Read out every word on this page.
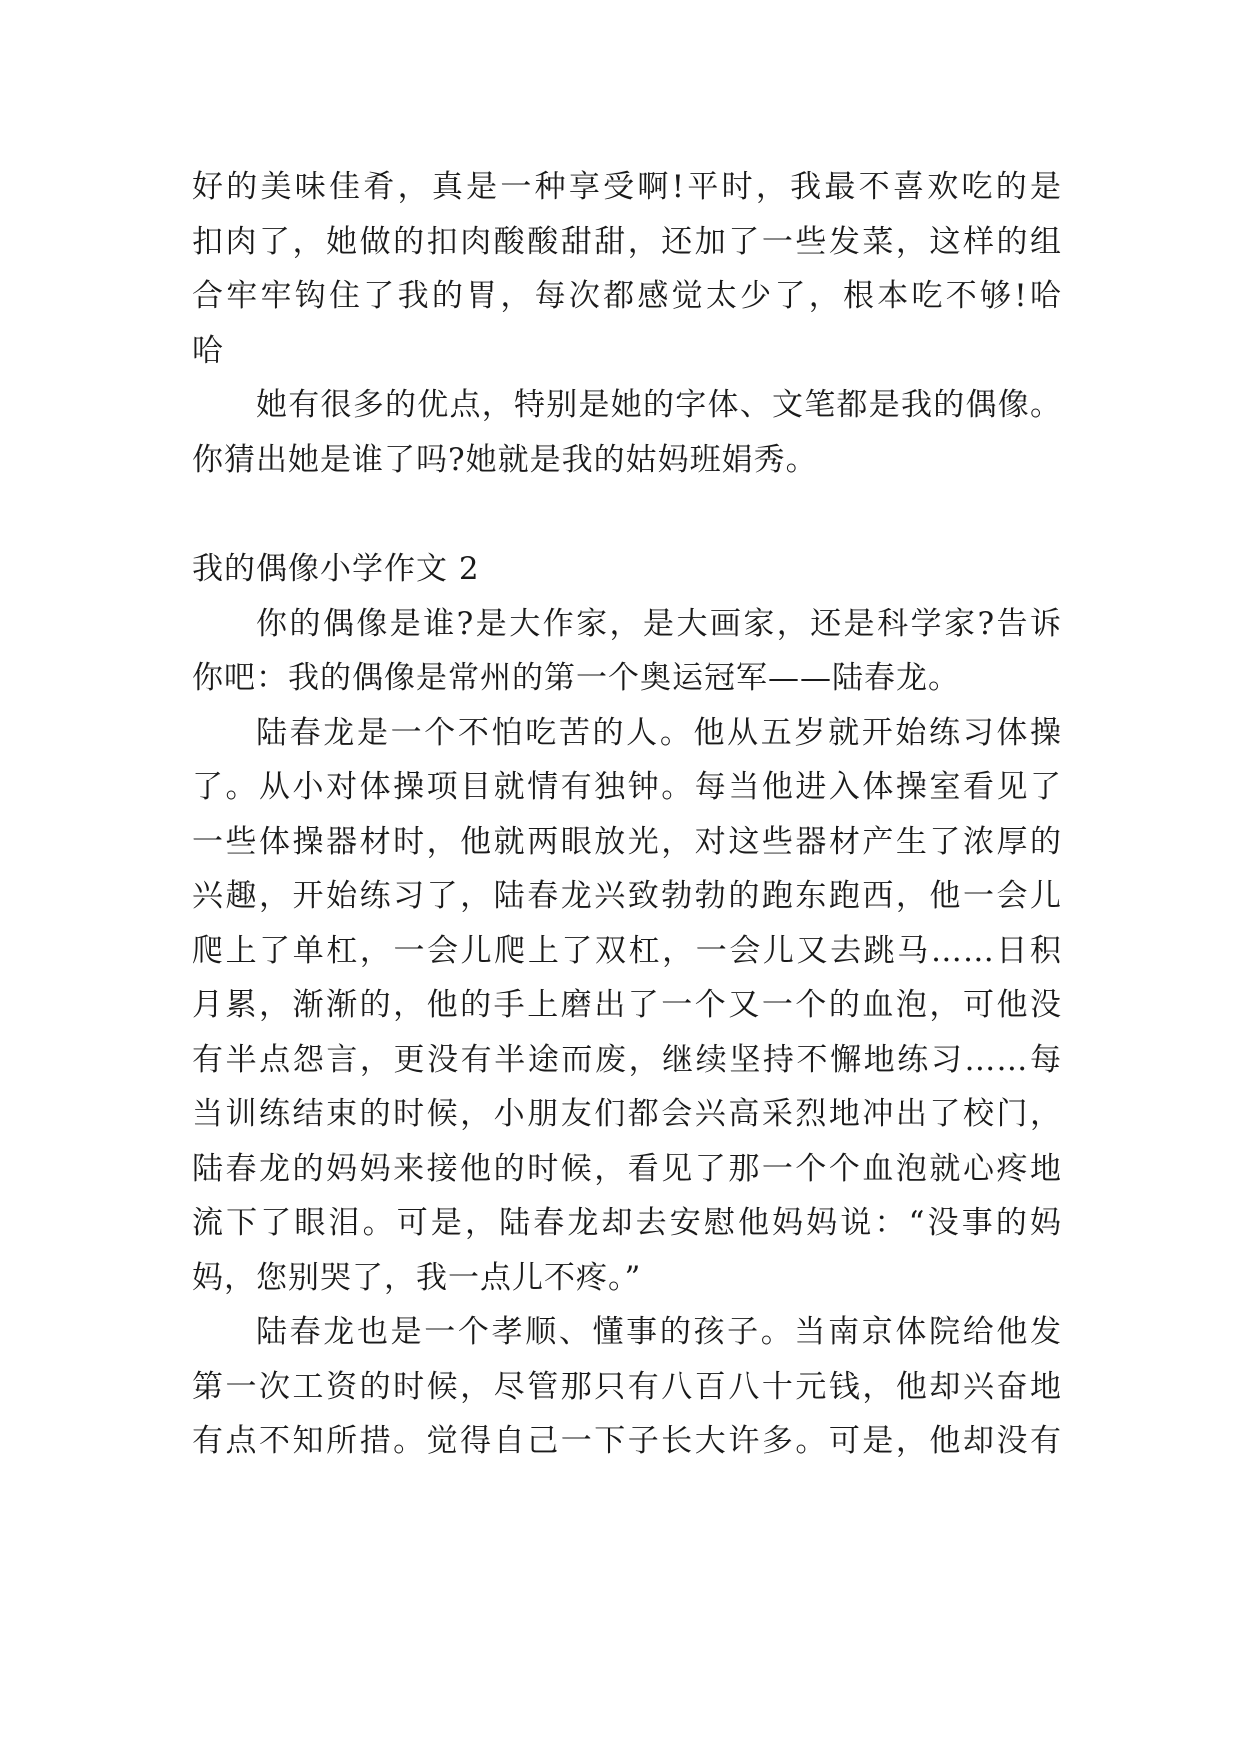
好的美味佳肴，真是一种享受啊!平时，我最不喜欢吃的是
扣肉了，她做的扣肉酸酸甜甜，还加了一些发菜，这样的组
合牢牢钩住了我的胃，每次都感觉太少了，根本吃不够!哈
哈
她有很多的优点，特别是她的字体、文笔都是我的偶像。
你猜出她是谁了吗?她就是我的姑妈班娟秀。
我的偶像小学作文 2
你的偶像是谁?是大作家，是大画家，还是科学家?告诉
你吧：我的偶像是常州的第一个奥运冠军——陆春龙。
陆春龙是一个不怕吃苦的人。他从五岁就开始练习体操
了。从小对体操项目就情有独钟。每当他进入体操室看见了
一些体操器材时，他就两眼放光，对这些器材产生了浓厚的
兴趣，开始练习了，陆春龙兴致勃勃的跑东跑西，他一会儿
爬上了单杠，一会儿爬上了双杠，一会儿又去跳马……日积
月累，渐渐的，他的手上磨出了一个又一个的血泡，可他没
有半点怨言，更没有半途而废，继续坚持不懈地练习……每
当训练结束的时候，小朋友们都会兴高采烈地冲出了校门，
陆春龙的妈妈来接他的时候，看见了那一个个血泡就心疼地
流下了眼泪。可是，陆春龙却去安慰他妈妈说：“没事的妈
妈，您别哭了，我一点儿不疼。”
陆春龙也是一个孝顺、懂事的孩子。当南京体院给他发
第一次工资的时候，尽管那只有八百八十元钱，他却兴奋地
有点不知所措。觉得自己一下子长大许多。可是，他却没有
